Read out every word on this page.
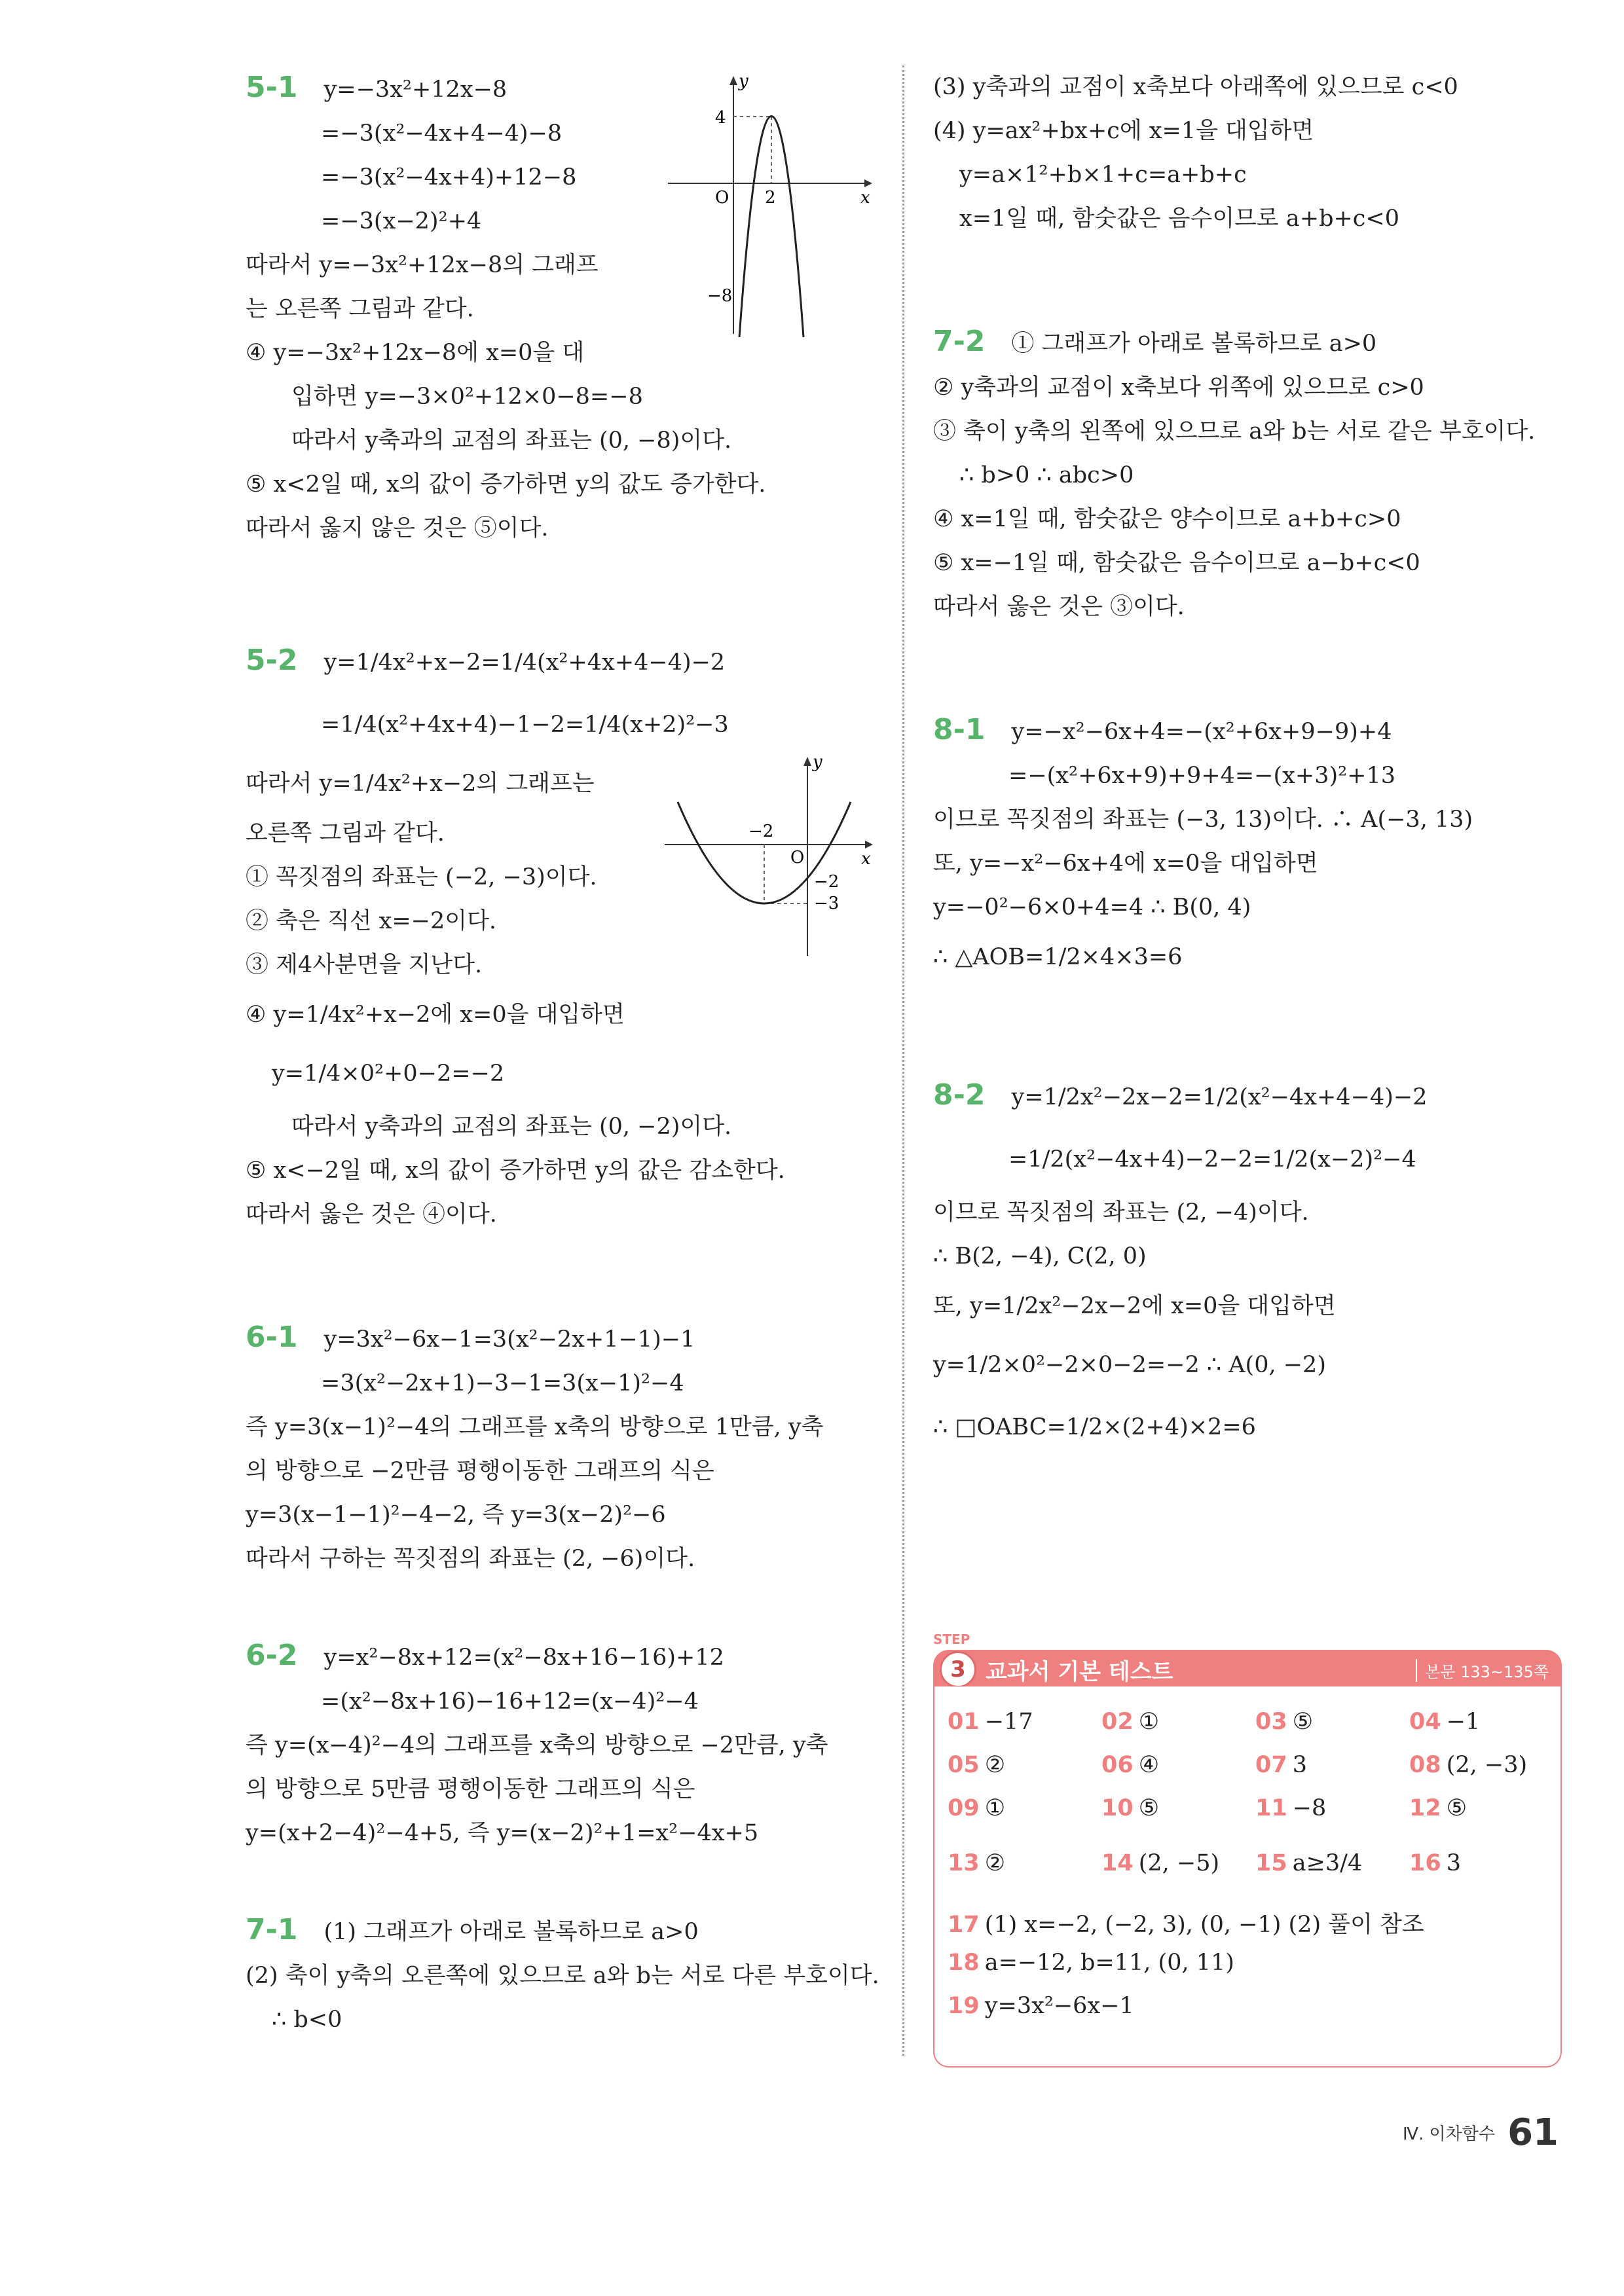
5-1 y=−3x²+12x−8
=−3(x²−4x+4−4)−8
=−3(x²−4x+4)+12−8
=−3(x−2)²+4
따라서 y=−3x²+12x−8의 그래프
는 오른쪽 그림과 같다.
④ y=−3x²+12x−8에 x=0을 대
입하면 y=−3×0²+12×0−8=−8
따라서 y축과의 교점의 좌표는 (0, −8)이다.
⑤ x<2일 때, x의 값이 증가하면 y의 값도 증가한다.
따라서 옳지 않은 것은 ⑤이다.
5-2 y=1/4x²+x−2=1/4(x²+4x+4−4)−2
=1/4(x²+4x+4)−1−2=1/4(x+2)²−3
따라서 y=1/4x²+x−2의 그래프는
오른쪽 그림과 같다.
① 꼭짓점의 좌표는 (−2, −3)이다.
② 축은 직선 x=−2이다.
③ 제4사분면을 지난다.
④ y=1/4x²+x−2에 x=0을 대입하면
y=1/4×0²+0−2=−2
따라서 y축과의 교점의 좌표는 (0, −2)이다.
⑤ x<−2일 때, x의 값이 증가하면 y의 값은 감소한다.
따라서 옳은 것은 ④이다.
6-1 y=3x²−6x−1=3(x²−2x+1−1)−1
=3(x²−2x+1)−3−1=3(x−1)²−4
즉 y=3(x−1)²−4의 그래프를 x축의 방향으로 1만큼, y축
의 방향으로 −2만큼 평행이동한 그래프의 식은
y=3(x−1−1)²−4−2, 즉 y=3(x−2)²−6
따라서 구하는 꼭짓점의 좌표는 (2, −6)이다.
6-2 y=x²−8x+12=(x²−8x+16−16)+12
=(x²−8x+16)−16+12=(x−4)²−4
즉 y=(x−4)²−4의 그래프를 x축의 방향으로 −2만큼, y축
의 방향으로 5만큼 평행이동한 그래프의 식은
y=(x+2−4)²−4+5, 즉 y=(x−2)²+1=x²−4x+5
7-1 (1) 그래프가 아래로 볼록하므로 a>0
(2) 축이 y축의 오른쪽에 있으므로 a와 b는 서로 다른 부호이다.
∴ b<0
y
x
O
4
2
−8
y
x
O
−2
−2
−3
(3) y축과의 교점이 x축보다 아래쪽에 있으므로 c<0
(4) y=ax²+bx+c에 x=1을 대입하면
y=a×1²+b×1+c=a+b+c
x=1일 때, 함숫값은 음수이므로 a+b+c<0
7-2 ① 그래프가 아래로 볼록하므로 a>0
② y축과의 교점이 x축보다 위쪽에 있으므로 c>0
③ 축이 y축의 왼쪽에 있으므로 a와 b는 서로 같은 부호이다.
∴ b>0 ∴ abc>0
④ x=1일 때, 함숫값은 양수이므로 a+b+c>0
⑤ x=−1일 때, 함숫값은 음수이므로 a−b+c<0
따라서 옳은 것은 ③이다.
8-1 y=−x²−6x+4=−(x²+6x+9−9)+4
=−(x²+6x+9)+9+4=−(x+3)²+13
이므로 꼭짓점의 좌표는 (−3, 13)이다. ∴ A(−3, 13)
또, y=−x²−6x+4에 x=0을 대입하면
y=−0²−6×0+4=4 ∴ B(0, 4)
∴ △AOB=1/2×4×3=6
8-2 y=1/2x²−2x−2=1/2(x²−4x+4−4)−2
=1/2(x²−4x+4)−2−2=1/2(x−2)²−4
이므로 꼭짓점의 좌표는 (2, −4)이다.
∴ B(2, −4), C(2, 0)
또, y=1/2x²−2x−2에 x=0을 대입하면
y=1/2×0²−2×0−2=−2 ∴ A(0, −2)
∴ □OABC=1/2×(2+4)×2=6
STEP
3 교과서 기본 테스트	본문 133~135쪽
01 −17	02 ①	03 ⑤	04 −1
05 ②	06 ④	07 3	08 (2, −3)
09 ①	10 ⑤	11 −8	12 ⑤
13 ②	14 (2, −5) 15 a≥3/4 16 3
17 (1) x=−2, (−2, 3), (0, −1) (2) 풀이 참조
18 a=−12, b=11, (0, 11)
19 y=3x²−6x−1
Ⅳ. 이차함수 61
